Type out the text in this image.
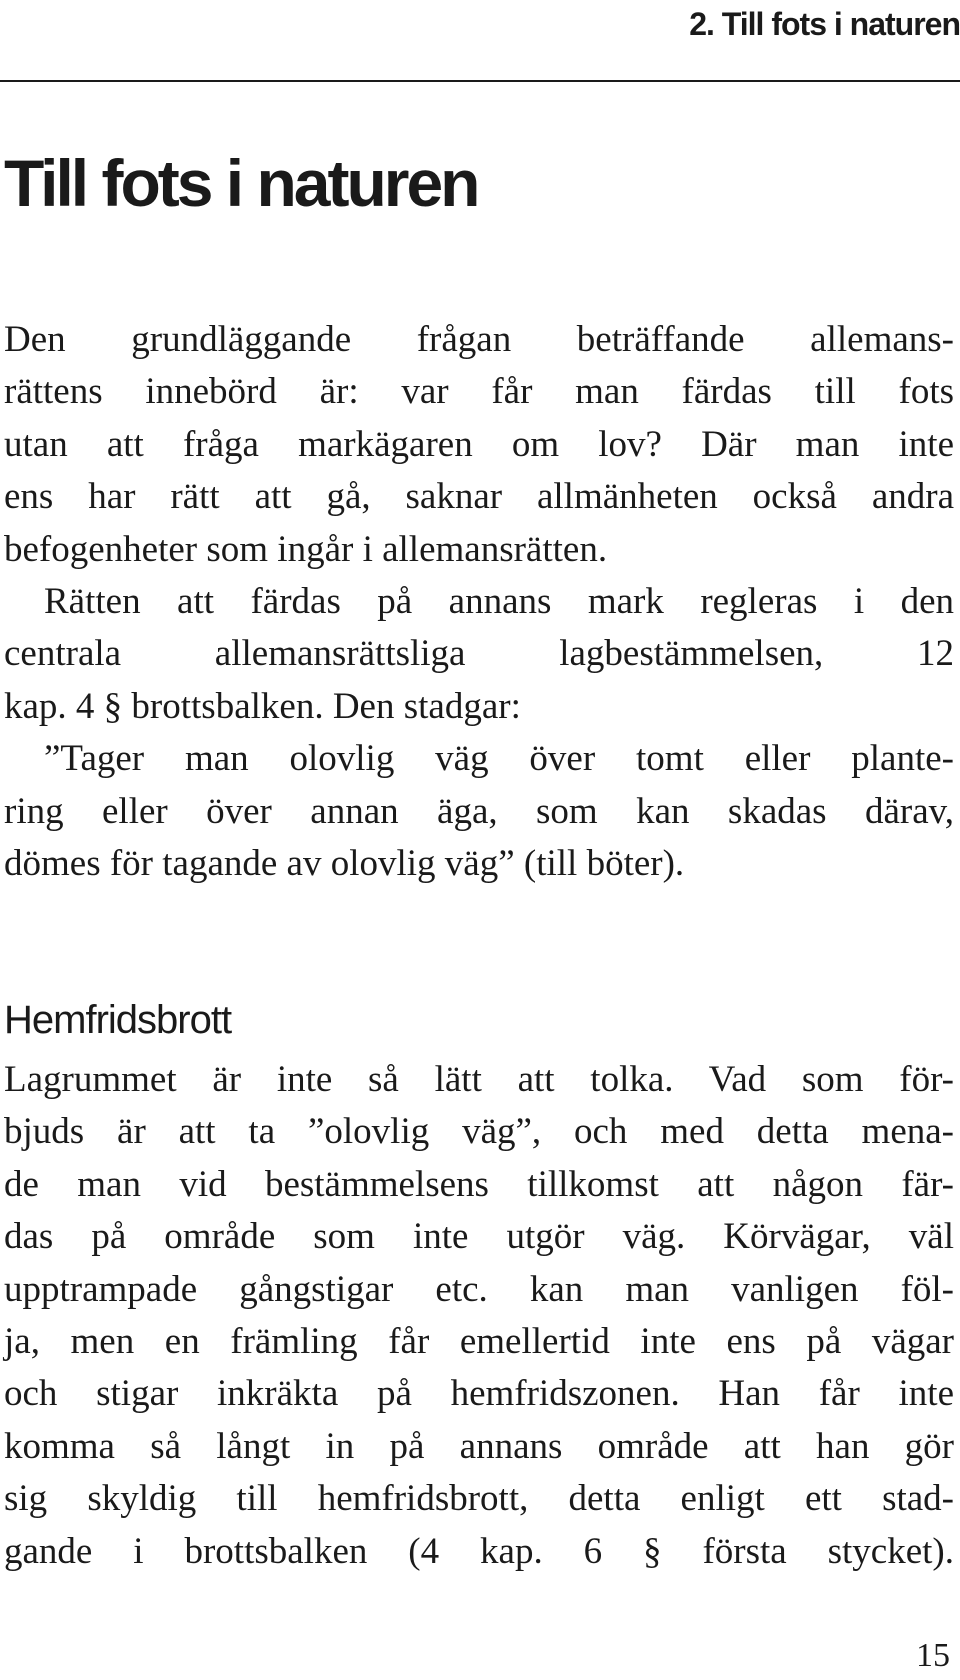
2. Till fots i naturen
Till fots i naturen
Den grundläggande frågan beträffande allemans-
rättens innebörd är: var får man färdas till fots
utan att fråga markägaren om lov? Där man inte
ens har rätt att gå, saknar allmänheten också andra
befogenheter som ingår i allemansrätten.
Rätten att färdas på annans mark regleras i den
centrala allemansrättsliga lagbestämmelsen, 12
kap. 4 § brottsbalken. Den stadgar:
”Tager man olovlig väg över tomt eller plante-
ring eller över annan äga, som kan skadas därav,
dömes för tagande av olovlig väg” (till böter).
Hemfridsbrott
Lagrummet är inte så lätt att tolka. Vad som för-
bjuds är att ta ”olovlig väg”, och med detta mena-
de man vid bestämmelsens tillkomst att någon fär-
das på område som inte utgör väg. Körvägar, väl
upptrampade gångstigar etc. kan man vanligen föl-
ja, men en främling får emellertid inte ens på vägar
och stigar inkräkta på hemfridszonen. Han får inte
komma så långt in på annans område att han gör
sig skyldig till hemfridsbrott, detta enligt ett stad-
gande i brottsbalken (4 kap. 6 § första stycket).
15
